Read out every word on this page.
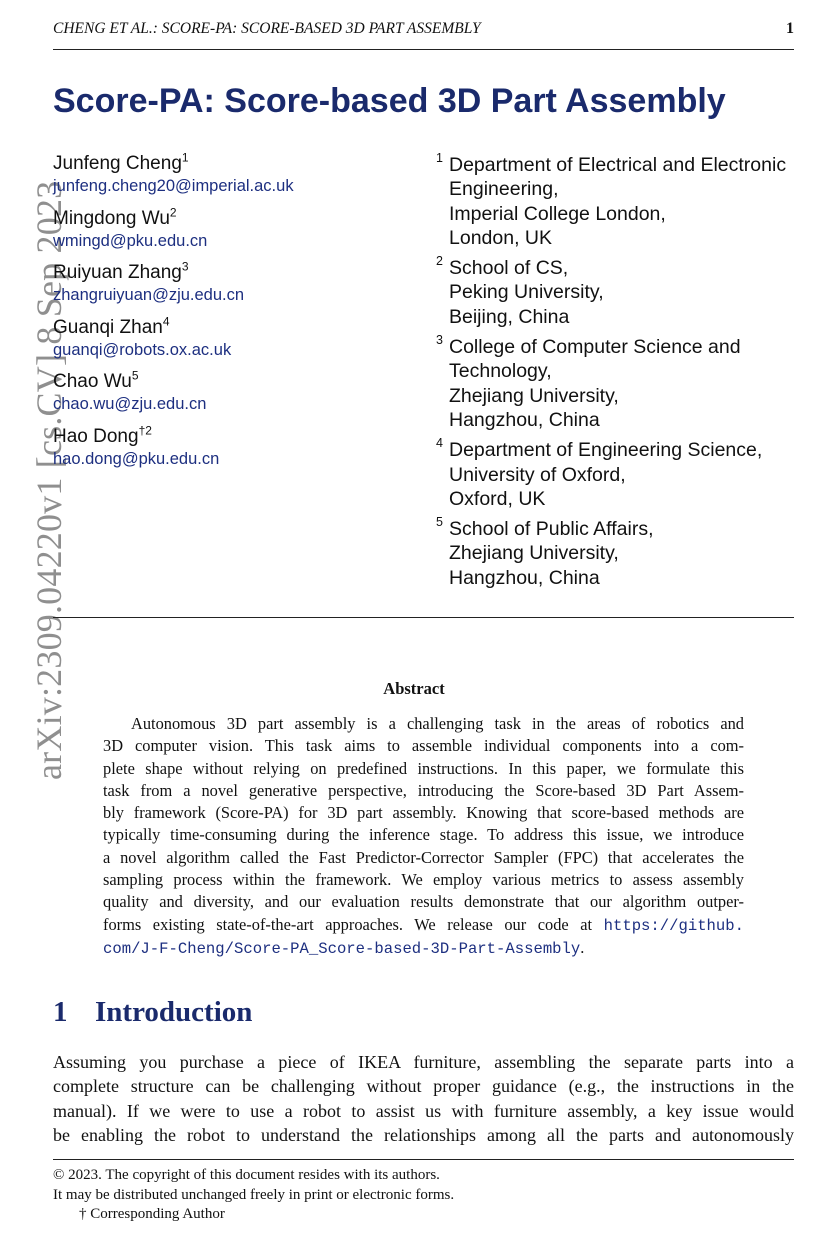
CHENG ET AL.: SCORE-PA: SCORE-BASED 3D PART ASSEMBLY	1
arXiv:2309.04220v1 [cs.CV] 8 Sep 2023
Score-PA: Score-based 3D Part Assembly
Junfeng Cheng$^1$
junfeng.cheng20@imperial.ac.uk
Mingdong Wu$^2$
wmingd@pku.edu.cn
Ruiyuan Zhang$^3$
zhangruiyuan@zju.edu.cn
Guanqi Zhan$^4$
guanqi@robots.ox.ac.uk
Chao Wu$^5$
chao.wu@zju.edu.cn
Hao Dong$^{\dagger 2}$
hao.dong@pku.edu.cn
1 Department of Electrical and Electronic
Engineering,
Imperial College London,
London, UK
2 School of CS,
Peking University,
Beijing, China
3 College of Computer Science and
Technology,
Zhejiang University,
Hangzhou, China
4 Department of Engineering Science,
University of Oxford,
Oxford, UK
5 School of Public Affairs,
Zhejiang University,
Hangzhou, China
Abstract
Autonomous 3D part assembly is a challenging task in the areas of robotics and
3D computer vision. This task aims to assemble individual components into a com-
plete shape without relying on predefined instructions. In this paper, we formulate this
task from a novel generative perspective, introducing the Score-based 3D Part Assem-
bly framework (Score-PA) for 3D part assembly. Knowing that score-based methods are
typically time-consuming during the inference stage. To address this issue, we introduce
a novel algorithm called the Fast Predictor-Corrector Sampler (FPC) that accelerates the
sampling process within the framework. We employ various metrics to assess assembly
quality and diversity, and our evaluation results demonstrate that our algorithm outper-
forms existing state-of-the-art approaches. We release our code at https://github.
com/J-F-Cheng/Score-PA_Score-based-3D-Part-Assembly.
1 Introduction
Assuming you purchase a piece of IKEA furniture, assembling the separate parts into a
complete structure can be challenging without proper guidance (e.g., the instructions in the
manual). If we were to use a robot to assist us with furniture assembly, a key issue would
be enabling the robot to understand the relationships among all the parts and autonomously
© 2023. The copyright of this document resides with its authors.
It may be distributed unchanged freely in print or electronic forms.
† Corresponding Author
